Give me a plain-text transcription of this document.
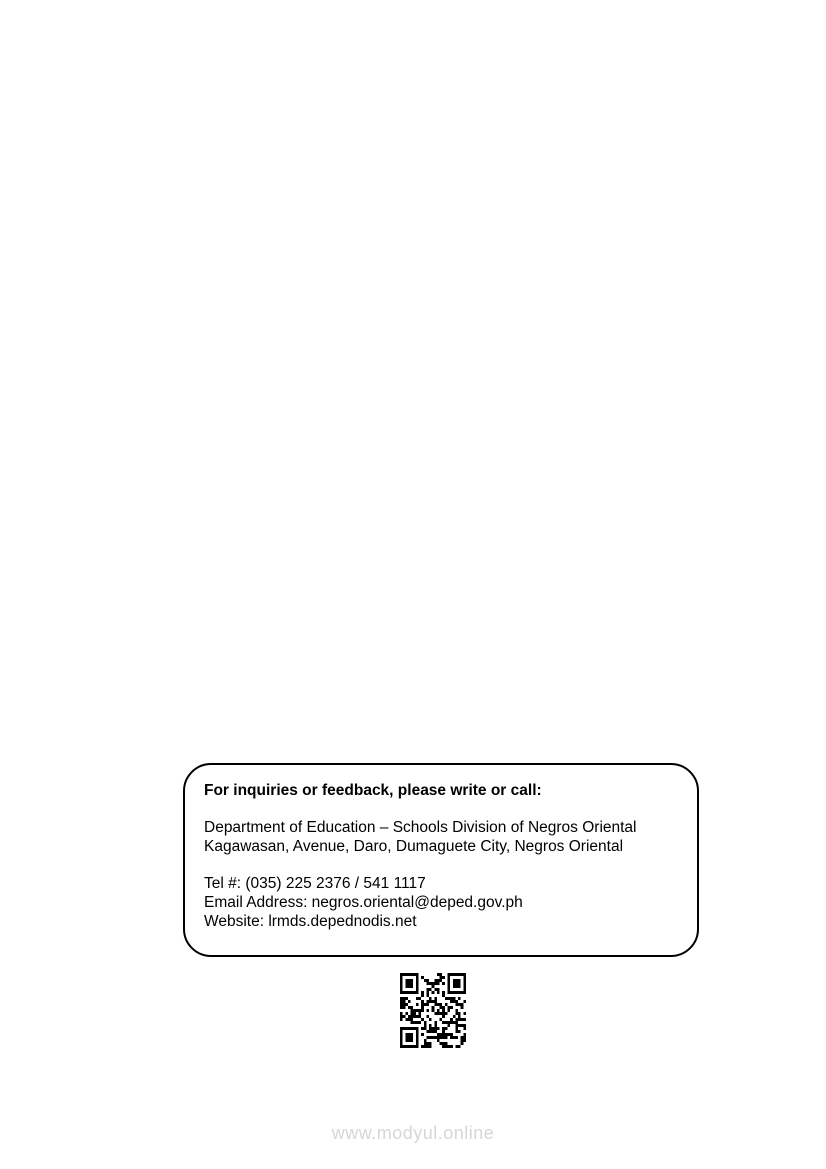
For inquiries or feedback, please write or call:

Department of Education – Schools Division of Negros Oriental

Kagawasan, Avenue, Daro, Dumaguete City, Negros Oriental

Tel #: (035) 225 2376 / 541 1117

Email Address: negros.oriental@deped.gov.ph

Website: lrmds.depednodis.net

www.modyul.online
